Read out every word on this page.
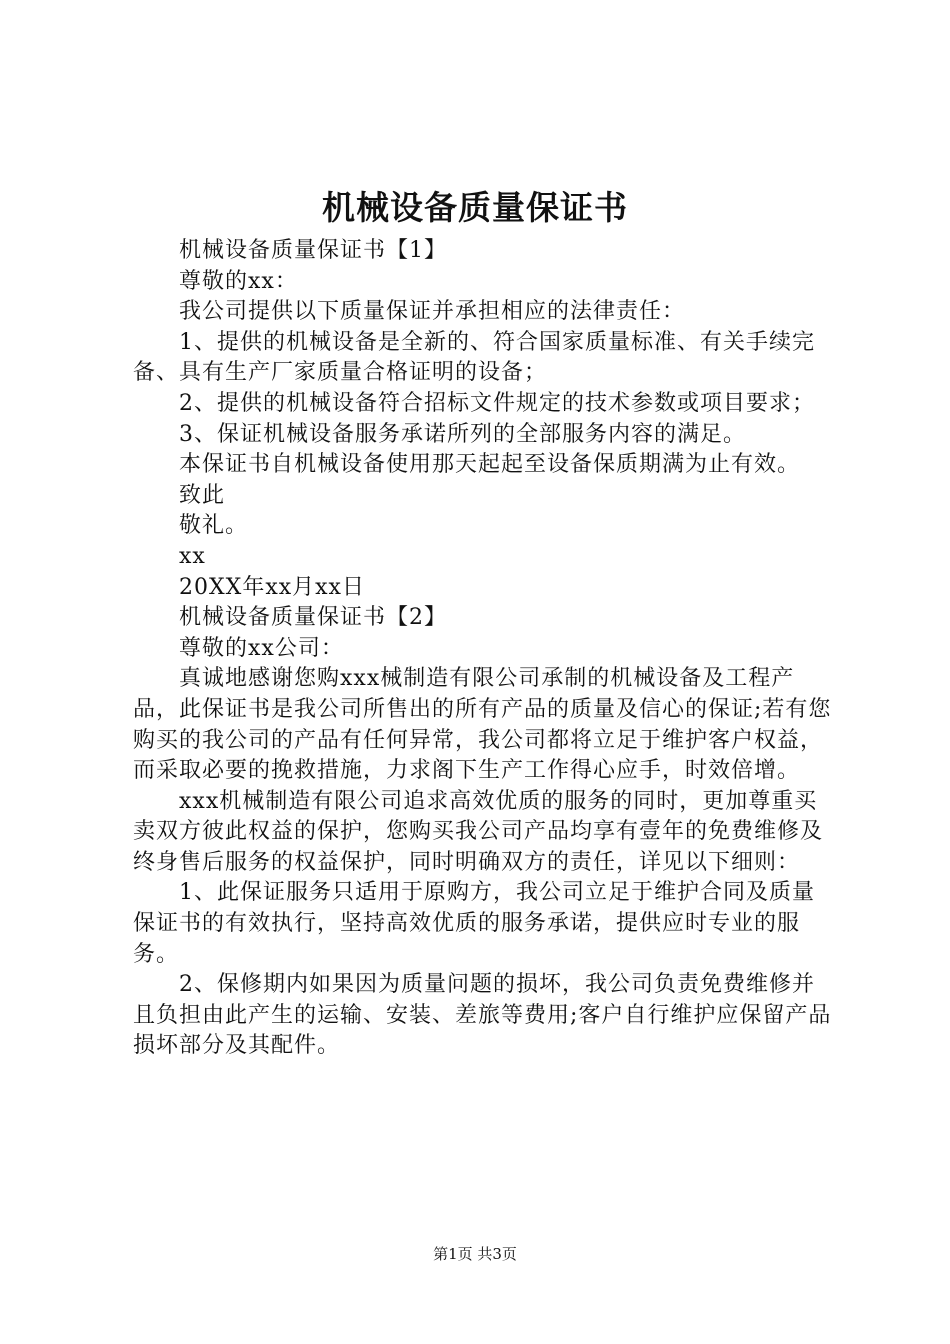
机械设备质量保证书

机械设备质量保证书【1】

尊敬的xx：

我公司提供以下质量保证并承担相应的法律责任：

1、提供的机械设备是全新的、符合国家质量标准、有关手续完备、具有生产厂家质量合格证明的设备；

2、提供的机械设备符合招标文件规定的技术参数或项目要求；

3、保证机械设备服务承诺所列的全部服务内容的满足。

本保证书自机械设备使用那天起起至设备保质期满为止有效。

致此

敬礼。

xx

20XX年xx月xx日

机械设备质量保证书【2】

尊敬的xx公司：

真诚地感谢您购xxx械制造有限公司承制的机械设备及工程产品，此保证书是我公司所售出的所有产品的质量及信心的保证;若有您购买的我公司的产品有任何异常，我公司都将立足于维护客户权益，而采取必要的挽救措施，力求阁下生产工作得心应手，时效倍增。

xxx机械制造有限公司追求高效优质的服务的同时，更加尊重买卖双方彼此权益的保护，您购买我公司产品均享有壹年的免费维修及终身售后服务的权益保护，同时明确双方的责任，详见以下细则：

1、此保证服务只适用于原购方，我公司立足于维护合同及质量保证书的有效执行，坚持高效优质的服务承诺，提供应时专业的服务。

2、保修期内如果因为质量问题的损坏，我公司负责免费维修并且负担由此产生的运输、安装、差旅等费用;客户自行维护应保留产品损坏部分及其配件。

第1页 共3页
